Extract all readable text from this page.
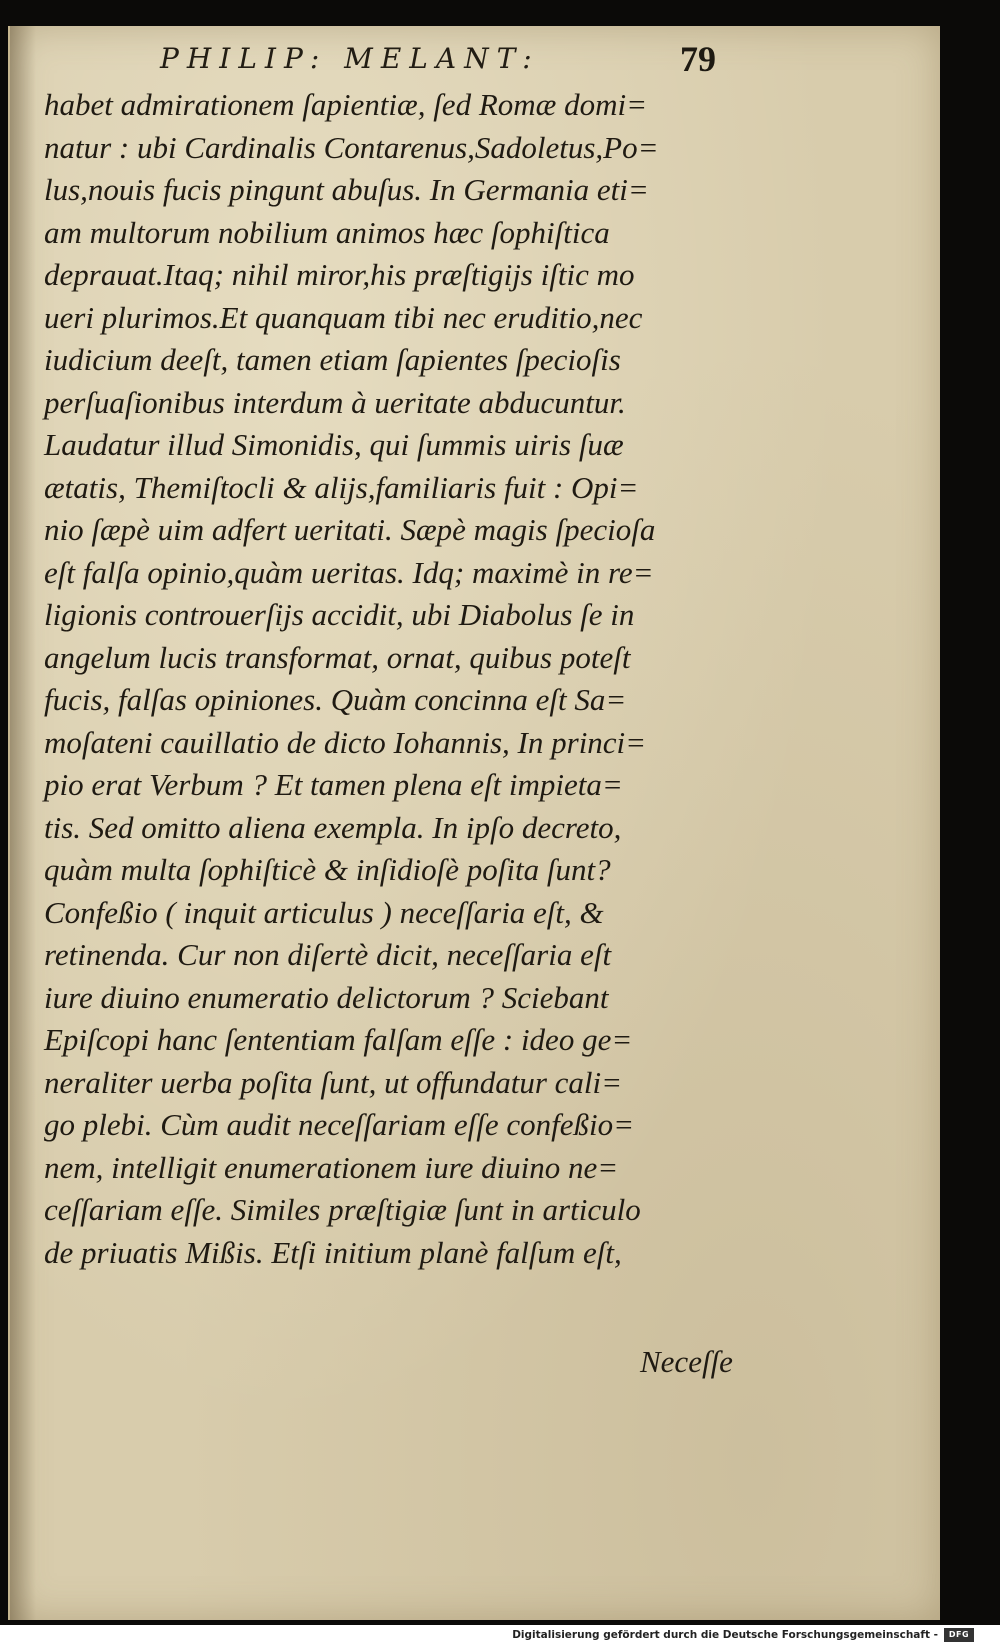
PHILIP: MELANT:	79
habet admirationem ſapientiæ, ſed Romæ domi=
natur : ubi Cardinalis Contarenus,Sadoletus,Po=
lus,nouis fucis pingunt abuſus. In Germania eti=
am multorum nobilium animos hæc ſophiſtica
deprauat.Itaq; nihil miror,his præſtigijs iſtic mo
ueri plurimos.Et quanquam tibi nec eruditio,nec
iudicium deeſt, tamen etiam ſapientes ſpecioſis
perſuaſionibus interdum à ueritate abducuntur.
Laudatur illud Simonidis, qui ſummis uiris ſuæ
ætatis, Themiſtocli & alijs,familiaris fuit : Opi=
nio ſæpè uim adfert ueritati. Sæpè magis ſpecioſa
eſt falſa opinio,quàm ueritas. Idq; maximè in re=
ligionis controuerſijs accidit, ubi Diabolus ſe in
angelum lucis transformat, ornat, quibus poteſt
fucis, falſas opiniones. Quàm concinna eſt Sa=
moſateni cauillatio de dicto Iohannis, In princi=
pio erat Verbum ? Et tamen plena eſt impieta=
tis. Sed omitto aliena exempla. In ipſo decreto,
quàm multa ſophiſticè & inſidioſè poſita ſunt?
Confeßio ( inquit articulus ) neceſſaria eſt, &
retinenda. Cur non diſertè dicit, neceſſaria eſt
iure diuino enumeratio delictorum ? Sciebant
Epiſcopi hanc ſententiam falſam eſſe : ideo ge=
neraliter uerba poſita ſunt, ut offundatur cali=
go plebi. Cùm audit neceſſariam eſſe confeßio=
nem, intelligit enumerationem iure diuino ne=
ceſſariam eſſe. Similes præſtigiæ ſunt in articulo
de priuatis Mißis. Etſi initium planè falſum eſt,
Neceſſe
Digitalisierung gefördert durch die Deutsche Forschungsgemeinschaft -	DFG
